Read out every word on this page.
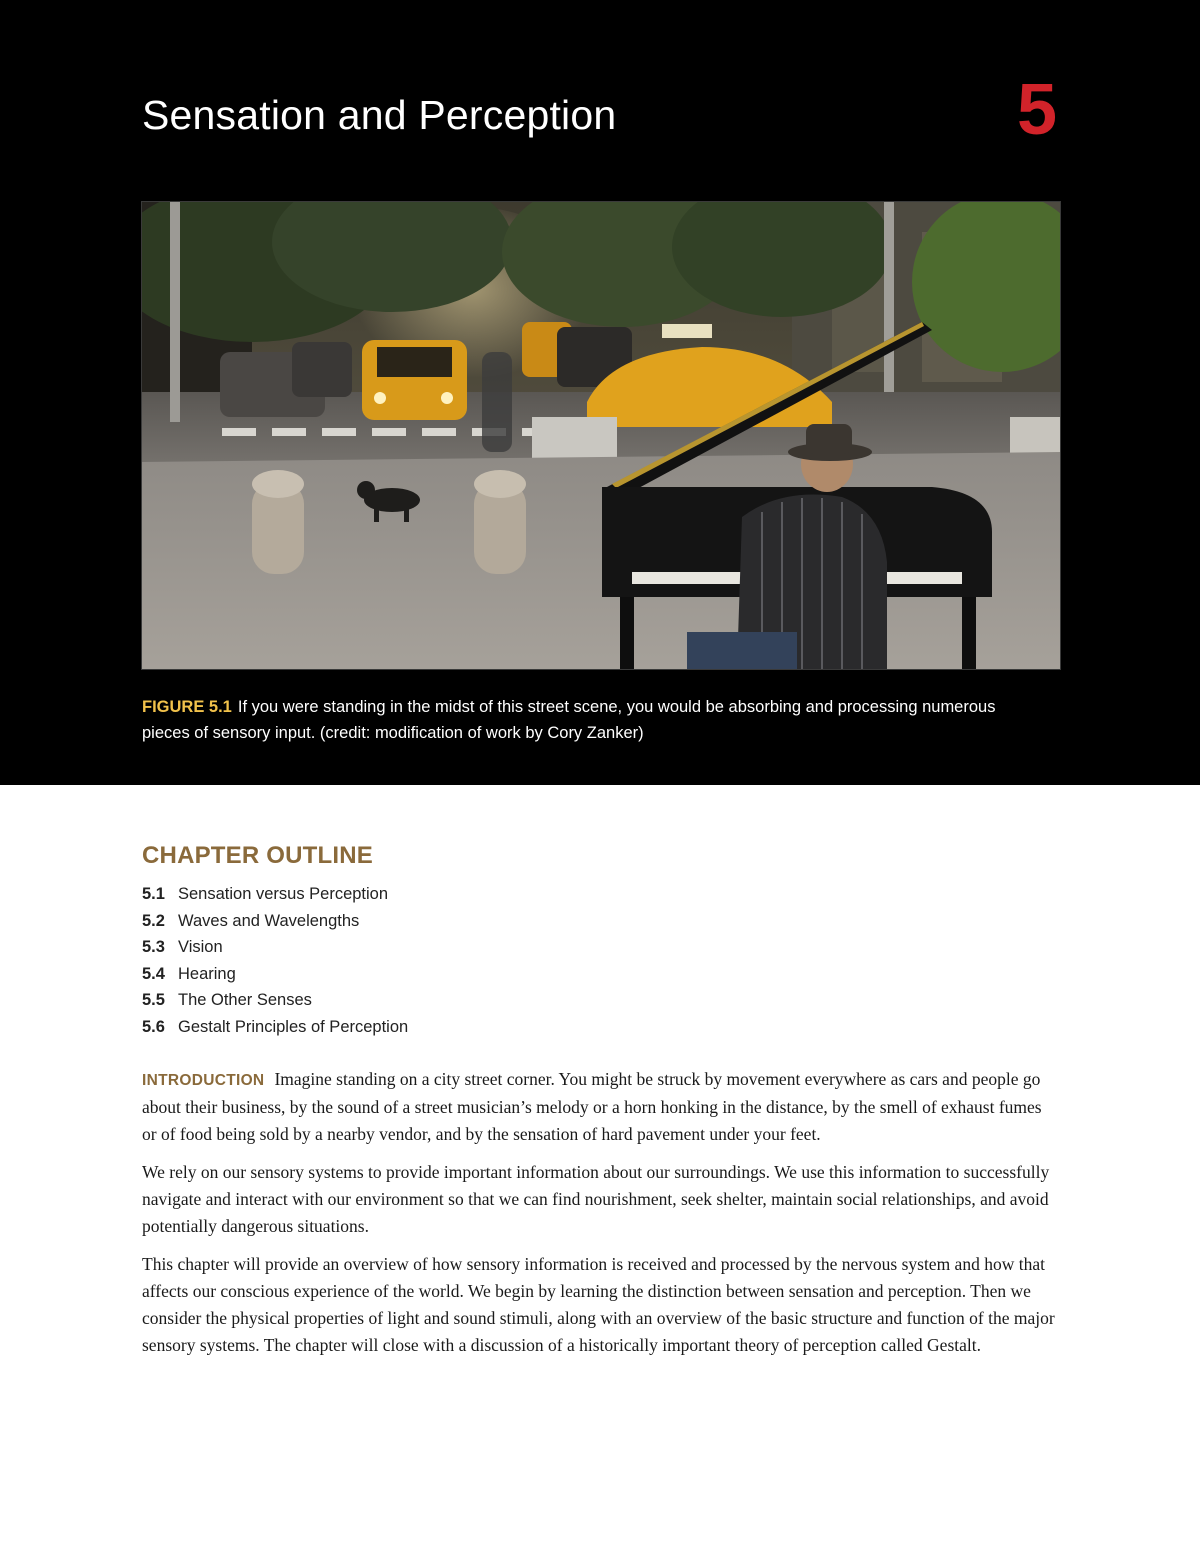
Sensation and Perception	5
FIGURE 5.1 If you were standing in the midst of this street scene, you would be absorbing and processing numerous pieces of sensory input. (credit: modification of work by Cory Zanker)
CHAPTER OUTLINE
5.1 Sensation versus Perception
5.2 Waves and Wavelengths
5.3 Vision
5.4 Hearing
5.5 The Other Senses
5.6 Gestalt Principles of Perception

INTRODUCTION Imagine standing on a city street corner. You might be struck by movement everywhere as cars and people go about their business, by the sound of a street musician’s melody or a horn honking in the distance, by the smell of exhaust fumes or of food being sold by a nearby vendor, and by the sensation of hard pavement under your feet.

We rely on our sensory systems to provide important information about our surroundings. We use this information to successfully navigate and interact with our environment so that we can find nourishment, seek shelter, maintain social relationships, and avoid potentially dangerous situations.

This chapter will provide an overview of how sensory information is received and processed by the nervous system and how that affects our conscious experience of the world. We begin by learning the distinction between sensation and perception. Then we consider the physical properties of light and sound stimuli, along with an overview of the basic structure and function of the major sensory systems. The chapter will close with a discussion of a historically important theory of perception called Gestalt.
